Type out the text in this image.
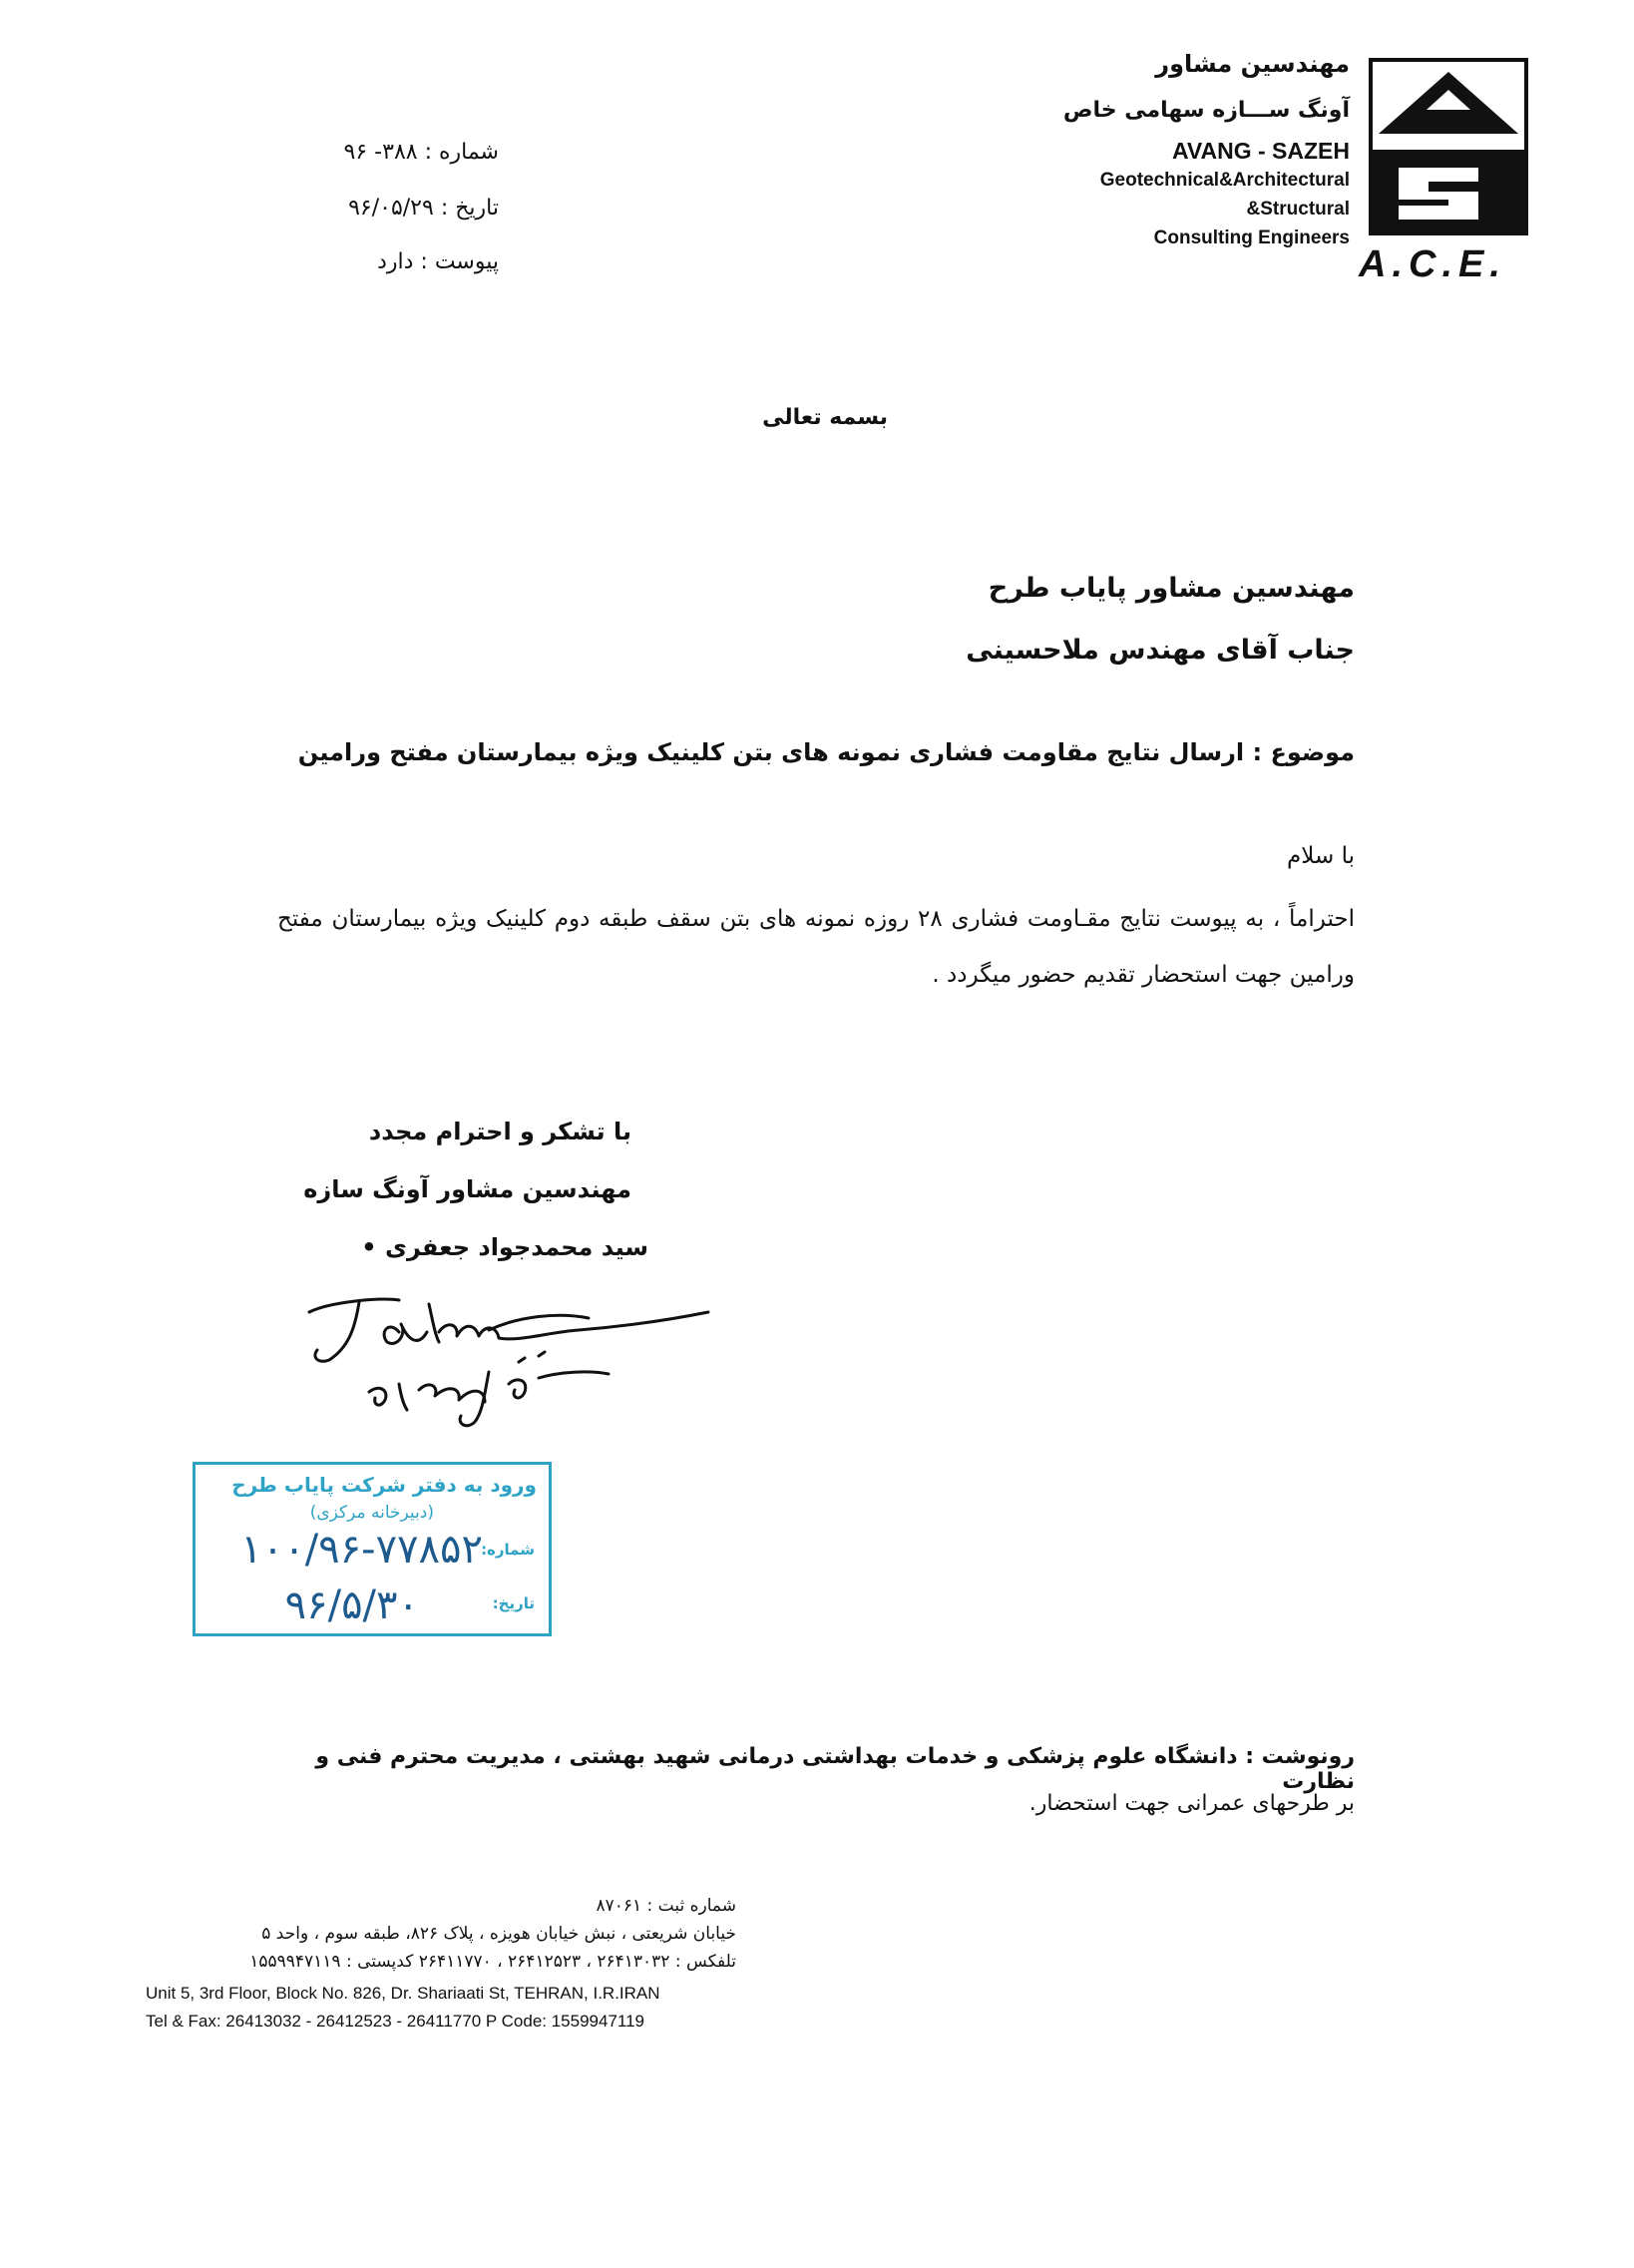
مهندسین مشاور
آونگ ســـازه سهامی خاص
AVANG - SAZEH
Geotechnical&Architectural
&Structural
Consulting Engineers
A.C.E.
شماره : ۳۸۸- ۹۶
تاریخ : ۹۶/۰۵/۲۹
پیوست : دارد
بسمه تعالی
مهندسین مشاور پایاب طرح
جناب آقای مهندس ملاحسینی
موضوع : ارسال نتایج مقاومت فشاری نمونه های بتن کلینیک ویژه بیمارستان مفتح ورامین
با سلام
احتراماً ، به پیوست نتایج مقـاومت فشاری ۲۸ روزه نمونه های بتن سقف طبقه دوم کلینیک ویژه بیمارستان مفتح ورامین جهت استحضار تقدیم حضور میگردد .
با تشکر و احترام مجدد
مهندسین مشاور آونگ سازه
سید محمدجواد جعفری •
ورود به دفتر شرکت پایاب طرح
(دبیرخانه مرکزی)
شماره:
۱۰۰/۹۶-۷۷۸۵۲
تاریخ:
۹۶/۵/۳۰
رونوشت : دانشگاه علوم پزشکی و خدمات بهداشتی درمانی شهید بهشتی ، مدیریت محترم فنی و نظارت
بر طرحهای عمرانی جهت استحضار.
شماره ثبت : ۸۷۰۶۱
خیابان شریعتی ، نبش خیابان هویزه ، پلاک ۸۲۶، طبقه سوم ، واحد ۵
تلفکس : ۲۶۴۱۳۰۳۲ ، ۲۶۴۱۲۵۲۳ ، ۲۶۴۱۱۷۷۰ کدپستی : ۱۵۵۹۹۴۷۱۱۹
Unit 5, 3rd Floor, Block No. 826, Dr. Shariaati St, TEHRAN, I.R.IRAN
Tel & Fax: 26413032 - 26412523 - 26411770 P Code: 1559947119
